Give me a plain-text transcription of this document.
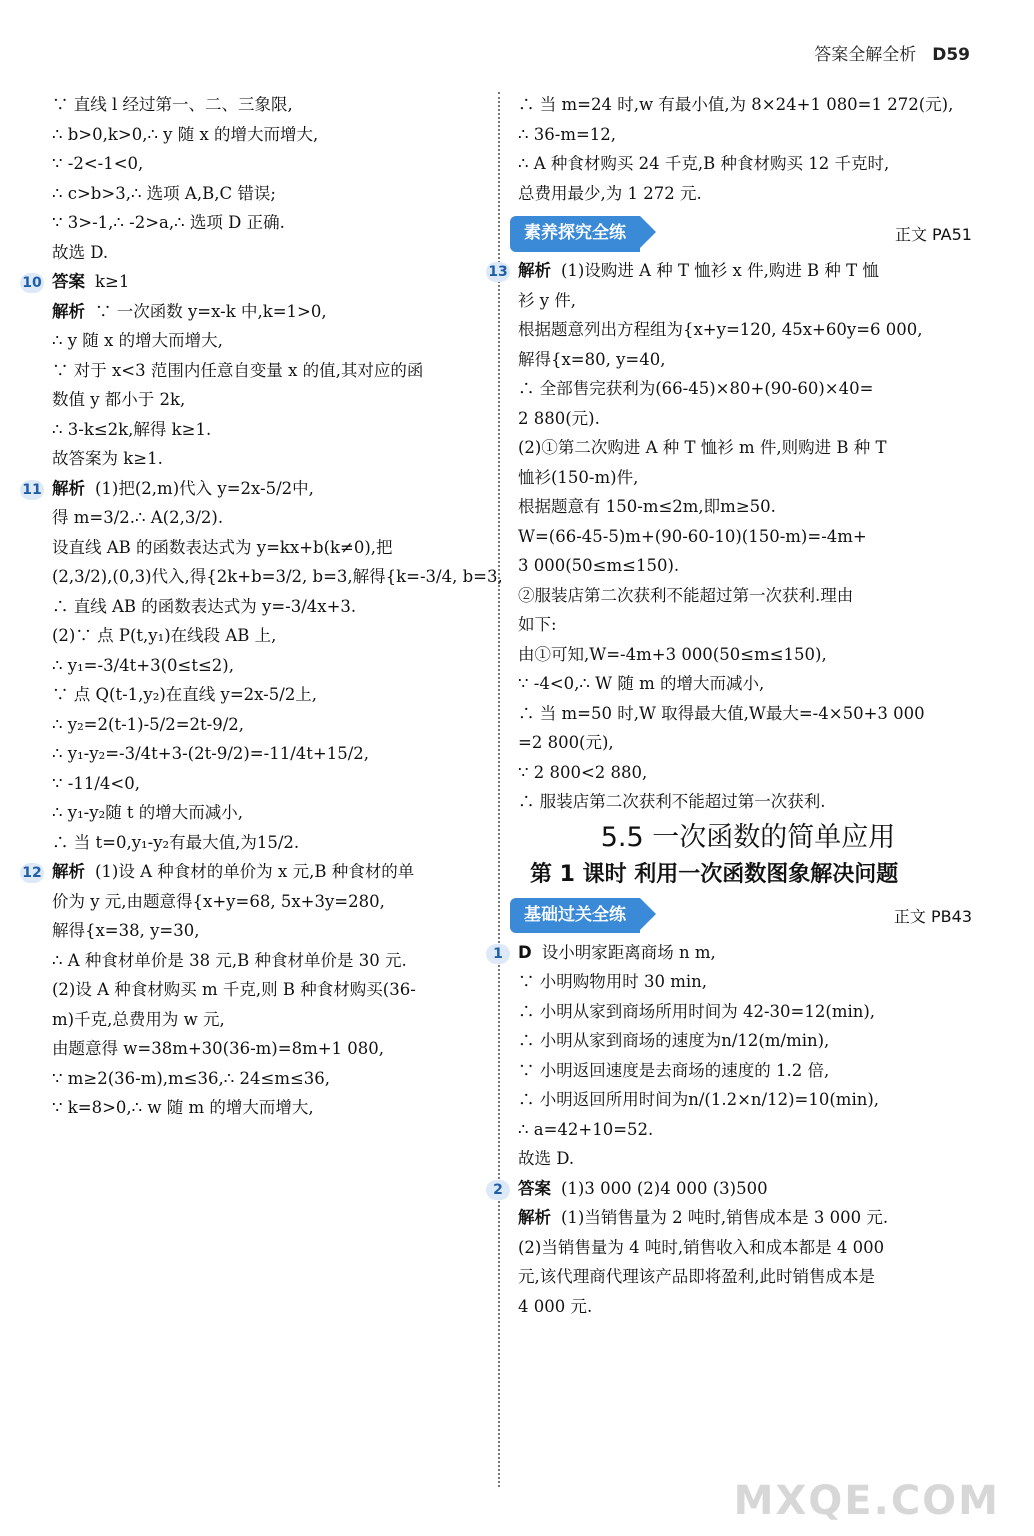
答案全解全析 D59
∵ 直线 l 经过第一、二、三象限,
∴ b>0,k>0,∴ y 随 x 的增大而增大,
∵ -2<-1<0,
∴ c>b>3,∴ 选项 A,B,C 错误;
∵ 3>-1,∴ -2>a,∴ 选项 D 正确.
故选 D.
10 答案 k≥1
解析 ∵ 一次函数 y=x-k 中,k=1>0,
∴ y 随 x 的增大而增大,
∵ 对于 x<3 范围内任意自变量 x 的值,其对应的函
数值 y 都小于 2k,
∴ 3-k≤2k,解得 k≥1.
故答案为 k≥1.
11 解析 (1)把(2,m)代入 y=2x-5/2中,
得 m=3/2.∴ A(2,3/2).
设直线 AB 的函数表达式为 y=kx+b(k≠0),把
(2,3/2),(0,3)代入,得{2k+b=3/2, b=3,解得{k=-3/4, b=3,
∴ 直线 AB 的函数表达式为 y=-3/4x+3.
(2)∵ 点 P(t,y₁)在线段 AB 上,
∴ y₁=-3/4t+3(0≤t≤2),
∵ 点 Q(t-1,y₂)在直线 y=2x-5/2上,
∴ y₂=2(t-1)-5/2=2t-9/2,
∴ y₁-y₂=-3/4t+3-(2t-9/2)=-11/4t+15/2,
∵ -11/4<0,
∴ y₁-y₂随 t 的增大而减小,
∴ 当 t=0,y₁-y₂有最大值,为15/2.
12 解析 (1)设 A 种食材的单价为 x 元,B 种食材的单
价为 y 元,由题意得{x+y=68, 5x+3y=280,
解得{x=38, y=30,
∴ A 种食材单价是 38 元,B 种食材单价是 30 元.
(2)设 A 种食材购买 m 千克,则 B 种食材购买(36-
m)千克,总费用为 w 元,
由题意得 w=38m+30(36-m)=8m+1 080,
∵ m≥2(36-m),m≤36,∴ 24≤m≤36,
∵ k=8>0,∴ w 随 m 的增大而增大,
∴ 当 m=24 时,w 有最小值,为 8×24+1 080=1 272(元),
∴ 36-m=12,
∴ A 种食材购买 24 千克,B 种食材购买 12 千克时,
总费用最少,为 1 272 元.
素养探究全练	正文 PA51
13 解析 (1)设购进 A 种 T 恤衫 x 件,购进 B 种 T 恤
衫 y 件,
根据题意列出方程组为{x+y=120, 45x+60y=6 000,
解得{x=80, y=40,
∴ 全部售完获利为(66-45)×80+(90-60)×40=
2 880(元).
(2)①第二次购进 A 种 T 恤衫 m 件,则购进 B 种 T
恤衫(150-m)件,
根据题意有 150-m≤2m,即m≥50.
W=(66-45-5)m+(90-60-10)(150-m)=-4m+
3 000(50≤m≤150).
②服装店第二次获利不能超过第一次获利.理由
如下:
由①可知,W=-4m+3 000(50≤m≤150),
∵ -4<0,∴ W 随 m 的增大而减小,
∴ 当 m=50 时,W 取得最大值,W最大=-4×50+3 000
=2 800(元),
∵ 2 800<2 880,
∴ 服装店第二次获利不能超过第一次获利.
5.5 一次函数的简单应用
第 1 课时 利用一次函数图象解决问题
基础过关全练	正文 PB43
1 D 设小明家距离商场 n m,
∵ 小明购物用时 30 min,
∴ 小明从家到商场所用时间为 42-30=12(min),
∴ 小明从家到商场的速度为n/12(m/min),
∵ 小明返回速度是去商场的速度的 1.2 倍,
∴ 小明返回所用时间为n/(1.2×n/12)=10(min),
∴ a=42+10=52.
故选 D.
2 答案 (1)3 000 (2)4 000 (3)500
解析 (1)当销售量为 2 吨时,销售成本是 3 000 元.
(2)当销售量为 4 吨时,销售收入和成本都是 4 000
元,该代理商代理该产品即将盈利,此时销售成本是
4 000 元.
MXQE.COM
